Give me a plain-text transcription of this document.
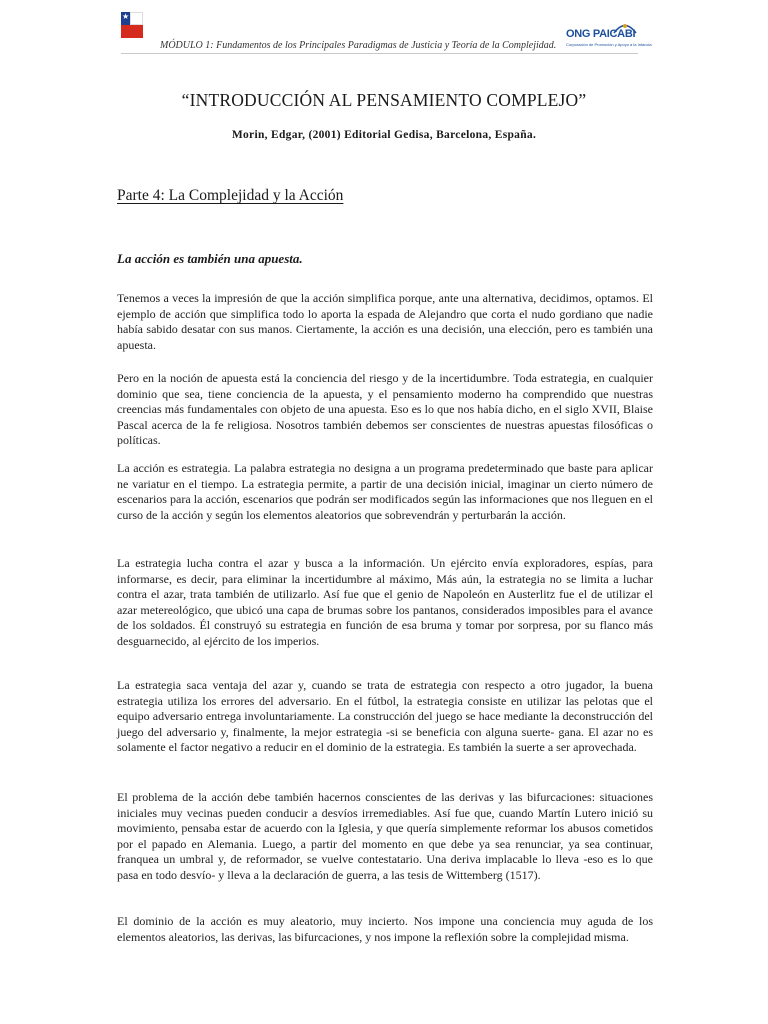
★
MÓDULO 1: Fundamentos de los Principales Paradigmas de Justicia y Teoría de la Complejidad.
ONG PAICABI
Corporación de Promoción y Apoyo a la Infancia
“INTRODUCCIÓN AL PENSAMIENTO COMPLEJO”
Morin, Edgar, (2001) Editorial Gedisa, Barcelona, España.
Parte 4: La Complejidad y la Acción
La acción es también una apuesta.

Tenemos a veces la impresión de que la acción simplifica porque, ante una alternativa, decidimos, optamos. El ejemplo de acción que simplifica todo lo aporta la espada de Alejandro que corta el nudo gordiano que nadie había sabido desatar con sus manos. Ciertamente, la acción es una decisión, una elección, pero es también una apuesta.

Pero en la noción de apuesta está la conciencia del riesgo y de la incertidumbre. Toda estrategia, en cualquier dominio que sea, tiene conciencia de la apuesta, y el pensamiento moderno ha comprendido que nuestras creencias más fundamentales con objeto de una apuesta. Eso es lo que nos había dicho, en el siglo XVII, Blaise Pascal acerca de la fe religiosa. Nosotros también debemos ser conscientes de nuestras apuestas filosóficas o políticas.

La acción es estrategia. La palabra estrategia no designa a un programa predeterminado que baste para aplicar ne variatur en el tiempo. La estrategia permite, a partir de una decisión inicial, imaginar un cierto número de escenarios para la acción, escenarios que podrán ser modificados según las informaciones que nos lleguen en el curso de la acción y según los elementos aleatorios que sobrevendrán y perturbarán la acción.

La estrategia lucha contra el azar y busca a la información. Un ejército envía exploradores, espías, para informarse, es decir, para eliminar la incertidumbre al máximo, Más aún, la estrategia no se limita a luchar contra el azar, trata también de utilizarlo. Así fue que el genio de Napoleón en Austerlitz fue el de utilizar el azar metereológico, que ubicó una capa de brumas sobre los pantanos, considerados imposibles para el avance de los soldados. Él construyó su estrategia en función de esa bruma y tomar por sorpresa, por su flanco más desguarnecido, al ejército de los imperios.

La estrategia saca ventaja del azar y, cuando se trata de estrategia con respecto a otro jugador, la buena estrategia utiliza los errores del adversario. En el fútbol, la estrategia consiste en utilizar las pelotas que el equipo adversario entrega involuntariamente. La construcción del juego se hace mediante la deconstrucción del juego del adversario y, finalmente, la mejor estrategia -si se beneficia con alguna suerte- gana. El azar no es solamente el factor negativo a reducir en el dominio de la estrategia. Es también la suerte a ser aprovechada.

El problema de la acción debe también hacernos conscientes de las derivas y las bifurcaciones: situaciones iniciales muy vecinas pueden conducir a desvíos irremediables. Así fue que, cuando Martín Lutero inició su movimiento, pensaba estar de acuerdo con la Iglesia, y que quería simplemente reformar los abusos cometidos por el papado en Alemania. Luego, a partir del momento en que debe ya sea renunciar, ya sea continuar, franquea un umbral y, de reformador, se vuelve contestatario. Una deriva implacable lo lleva -eso es lo que pasa en todo desvío- y lleva a la declaración de guerra, a las tesis de Wittemberg (1517).

El dominio de la acción es muy aleatorio, muy incierto. Nos impone una conciencia muy aguda de los elementos aleatorios, las derivas, las bifurcaciones, y nos impone la reflexión sobre la complejidad misma.
